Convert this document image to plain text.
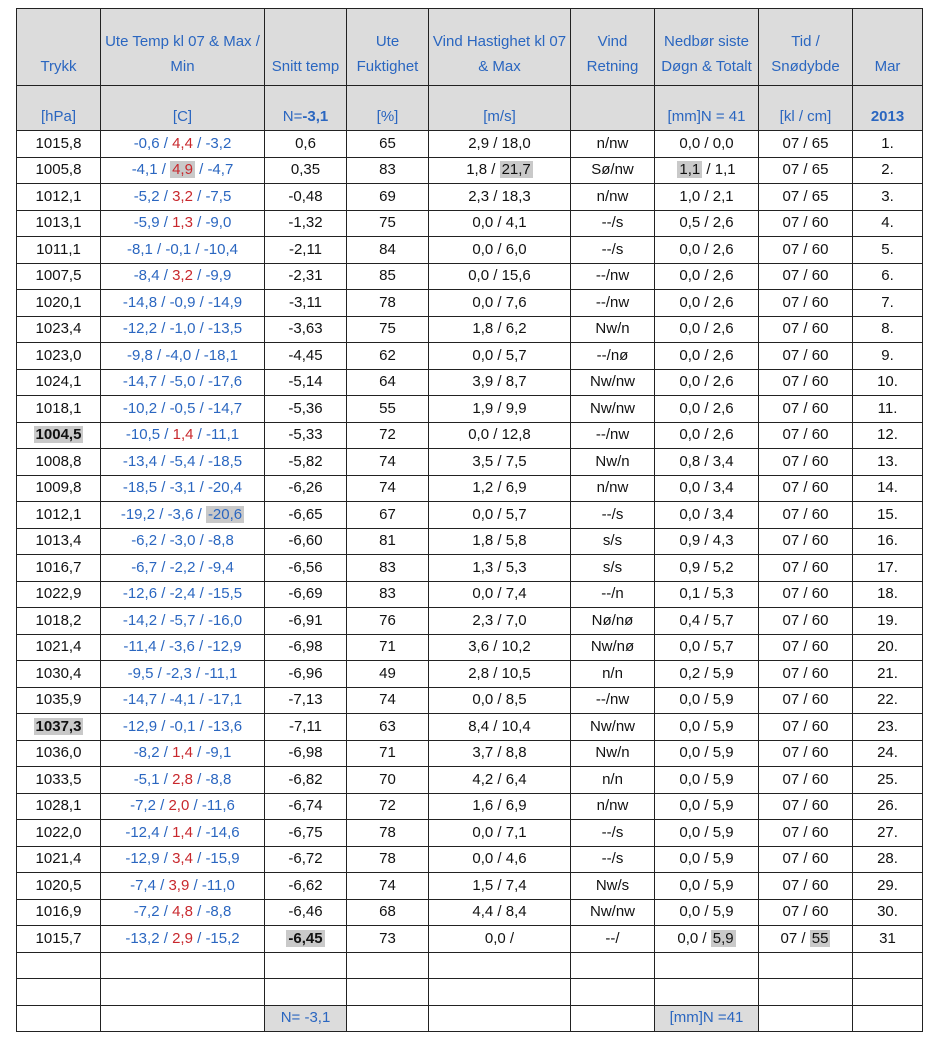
Trykk	Ute Temp kl 07 & Max / Min	Snitt temp	Ute Fuktighet	Vind Hastighet kl 07 & Max	Vind Retning	Nedbør siste Døgn & Totalt	Tid / Snødybde	Mar
[hPa]	[C]	N=-3,1	[%]	[m/s]		[mm]N = 41	[kl / cm]	2013
1015,8	-0,6 / 4,4 / -3,2	0,6	65	2,9 / 18,0	n/nw	0,0 / 0,0	07 / 65	1.
1005,8	-4,1 / 4,9 / -4,7	0,35	83	1,8 / 21,7	Sø/nw	1,1 / 1,1	07 / 65	2.
1012,1	-5,2 / 3,2 / -7,5	-0,48	69	2,3 / 18,3	n/nw	1,0 / 2,1	07 / 65	3.
1013,1	-5,9 / 1,3 / -9,0	-1,32	75	0,0 / 4,1	--/s	0,5 / 2,6	07 / 60	4.
1011,1	-8,1 / -0,1 / -10,4	-2,11	84	0,0 / 6,0	--/s	0,0 / 2,6	07 / 60	5.
1007,5	-8,4 / 3,2 / -9,9	-2,31	85	0,0 / 15,6	--/nw	0,0 / 2,6	07 / 60	6.
1020,1	-14,8 / -0,9 / -14,9	-3,11	78	0,0 / 7,6	--/nw	0,0 / 2,6	07 / 60	7.
1023,4	-12,2 / -1,0 / -13,5	-3,63	75	1,8 / 6,2	Nw/n	0,0 / 2,6	07 / 60	8.
1023,0	-9,8 / -4,0 / -18,1	-4,45	62	0,0 / 5,7	--/nø	0,0 / 2,6	07 / 60	9.
1024,1	-14,7 / -5,0 / -17,6	-5,14	64	3,9 / 8,7	Nw/nw	0,0 / 2,6	07 / 60	10.
1018,1	-10,2 / -0,5 / -14,7	-5,36	55	1,9 / 9,9	Nw/nw	0,0 / 2,6	07 / 60	11.
1004,5	-10,5 / 1,4 / -11,1	-5,33	72	0,0 / 12,8	--/nw	0,0 / 2,6	07 / 60	12.
1008,8	-13,4 / -5,4 / -18,5	-5,82	74	3,5 / 7,5	Nw/n	0,8 / 3,4	07 / 60	13.
1009,8	-18,5 / -3,1 / -20,4	-6,26	74	1,2 / 6,9	n/nw	0,0 / 3,4	07 / 60	14.
1012,1	-19,2 / -3,6 / -20,6	-6,65	67	0,0 / 5,7	--/s	0,0 / 3,4	07 / 60	15.
1013,4	-6,2 / -3,0 / -8,8	-6,60	81	1,8 / 5,8	s/s	0,9 / 4,3	07 / 60	16.
1016,7	-6,7 / -2,2 / -9,4	-6,56	83	1,3 / 5,3	s/s	0,9 / 5,2	07 / 60	17.
1022,9	-12,6 / -2,4 / -15,5	-6,69	83	0,0 / 7,4	--/n	0,1 / 5,3	07 / 60	18.
1018,2	-14,2 / -5,7 / -16,0	-6,91	76	2,3 / 7,0	Nø/nø	0,4 / 5,7	07 / 60	19.
1021,4	-11,4 / -3,6 / -12,9	-6,98	71	3,6 / 10,2	Nw/nø	0,0 / 5,7	07 / 60	20.
1030,4	-9,5 / -2,3 / -11,1	-6,96	49	2,8 / 10,5	n/n	0,2 / 5,9	07 / 60	21.
1035,9	-14,7 / -4,1 / -17,1	-7,13	74	0,0 / 8,5	--/nw	0,0 / 5,9	07 / 60	22.
1037,3	-12,9 / -0,1 / -13,6	-7,11	63	8,4 / 10,4	Nw/nw	0,0 / 5,9	07 / 60	23.
1036,0	-8,2 / 1,4 / -9,1	-6,98	71	3,7 / 8,8	Nw/n	0,0 / 5,9	07 / 60	24.
1033,5	-5,1 / 2,8 / -8,8	-6,82	70	4,2 / 6,4	n/n	0,0 / 5,9	07 / 60	25.
1028,1	-7,2 / 2,0 / -11,6	-6,74	72	1,6 / 6,9	n/nw	0,0 / 5,9	07 / 60	26.
1022,0	-12,4 / 1,4 / -14,6	-6,75	78	0,0 / 7,1	--/s	0,0 / 5,9	07 / 60	27.
1021,4	-12,9 / 3,4 / -15,9	-6,72	78	0,0 / 4,6	--/s	0,0 / 5,9	07 / 60	28.
1020,5	-7,4 / 3,9 / -11,0	-6,62	74	1,5 / 7,4	Nw/s	0,0 / 5,9	07 / 60	29.
1016,9	-7,2 / 4,8 / -8,8	-6,46	68	4,4 / 8,4	Nw/nw	0,0 / 5,9	07 / 60	30.
1015,7	-13,2 / 2,9 / -15,2	-6,45	73	0,0 /	--/	0,0 / 5,9	07 / 55	31

		N= -3,1				[mm]N =41		
